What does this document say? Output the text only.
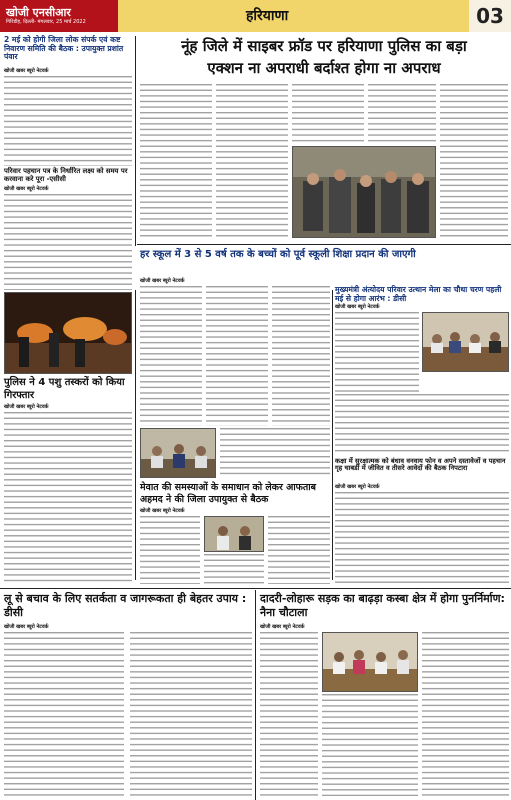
खोजी एनसीआर
गिरिडीह, दिल्ली- मंगलवार, 25 मार्च 2022	हरियाणा	03
2 मई को होगी जिला लोक संपर्क एवं कष्ट निवारण समिति की बैठक : उपायुक्त प्रशांत पंवार
खोजी खबर ब्यूरो नेटवर्क
परिवार पहचान पत्र के निर्धारित लक्ष्य को समय पर करवाना करे पूरा -एसीसी
खोजी खबर ब्यूरो नेटवर्क
नूंह जिले में साइबर फ्रॉड पर हरियाणा पुलिस का बड़ा
एक्शन ना अपराधी बर्दाश्त होगा ना अपराध
हर स्कूल में 3 से 5 वर्ष तक के बच्चों को पूर्व स्कूली शिक्षा प्रदान की जाएगी
पुलिस ने 4 पशु तस्करों को किया गिरफ्तार
खोजी खबर ब्यूरो नेटवर्क
खोजी खबर ब्यूरो नेटवर्क
मुख्यमंत्री अंत्योदय परिवार उत्थान मेला का चौथा चरण पहली मई से होगा आरंभ : डीसी
खोजी खबर ब्यूरो नेटवर्क
मेवात की समस्याओं के समाधान को लेकर आफताब अहमद ने की जिला उपायुक्त से बैठक
खोजी खबर ब्यूरो नेटवर्क
कक्षा में सुरक्षात्मक को बंधाव वनवाय फोन व अपने दस्तावेजों व पहचान गृह चाबडी में जीवित व तीसरे आवेदों की बैठक निपटारा
खोजी खबर ब्यूरो नेटवर्क
लू से बचाव के लिए सतर्कता व जागरूकता ही बेहतर उपाय : डीसी
खोजी खबर ब्यूरो नेटवर्क
दादरी-लोहारू सड़क का बाढ़ड़ा कस्बा क्षेत्र में होगा पुनर्निर्माण: नैना चौटाला
खोजी खबर ब्यूरो नेटवर्क
